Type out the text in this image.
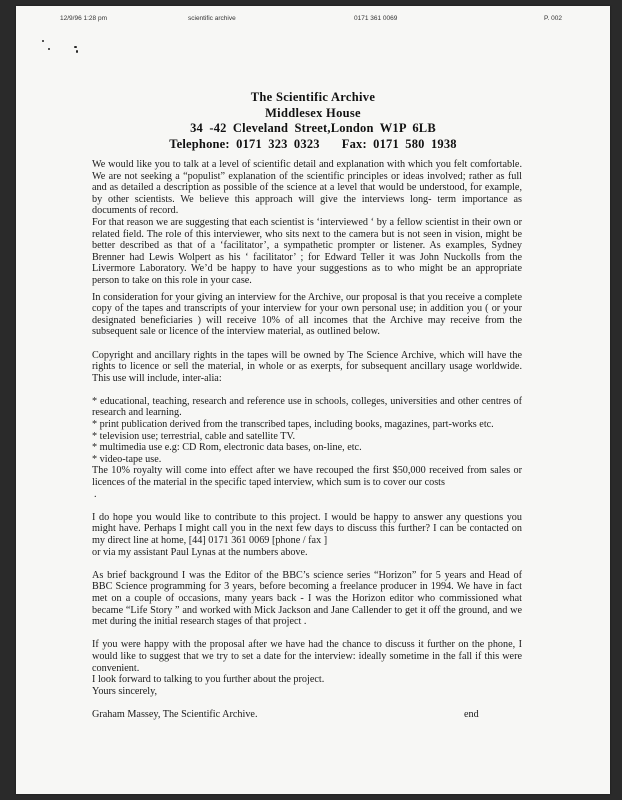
12/9/96 1:28 pm	scientific archive	0171 361 0069	P. 002
The Scientific Archive
Middlesex House
34 -42 Cleveland Street,London W1P 6LB
Telephone: 0171 323 0323 Fax: 0171 580 1938

We would like you to talk at a level of scientific detail and explanation with which you felt comfortable. We are not seeking a “populist” explanation of the scientific principles or ideas involved; rather as full and as detailed a description as possible of the science at a level that would be understood, for example, by other scientists. We believe this approach will give the interviews long- term importance as documents of record.

For that reason we are suggesting that each scientist is ‘interviewed ‘ by a fellow scientist in their own or related field. The role of this interviewer, who sits next to the camera but is not seen in vision, might be better described as that of a ‘facilitator’, a sympathetic prompter or listener. As examples, Sydney Brenner had Lewis Wolpert as his ‘ facilitator’ ; for Edward Teller it was John Nuckolls from the Livermore Laboratory. We’d be happy to have your suggestions as to who might be an appropriate person to take on this role in your case.

In consideration for your giving an interview for the Archive, our proposal is that you receive a complete copy of the tapes and transcripts of your interview for your own personal use; in addition you ( or your designated beneficiaries ) will receive 10% of all incomes that the Archive may receive from the subsequent sale or licence of the interview material, as outlined below.

Copyright and ancillary rights in the tapes will be owned by The Science Archive, which will have the rights to licence or sell the material, in whole or as exerpts, for subsequent ancillary usage worldwide. This use will include, inter-alia:

* educational, teaching, research and reference use in schools, colleges, universities and other centres of research and learning.

* print publication derived from the transcribed tapes, including books, magazines, part-works etc.

* television use; terrestrial, cable and satellite TV.

* multimedia use e.g: CD Rom, electronic data bases, on-line, etc.

* video-tape use.

The 10% royalty will come into effect after we have recouped the first $50,000 received from sales or licences of the material in the specific taped interview, which sum is to cover our costs

.

I do hope you would like to contribute to this project. I would be happy to answer any questions you might have. Perhaps I might call you in the next few days to discuss this further? I can be contacted on my direct line at home, [44] 0171 361 0069 [phone / fax ]

or via my assistant Paul Lynas at the numbers above.

As brief background I was the Editor of the BBC’s science series “Horizon” for 5 years and Head of BBC Science programming for 3 years, before becoming a freelance producer in 1994. We have in fact met on a couple of occasions, many years back - I was the Horizon editor who commissioned what became “Life Story ” and worked with Mick Jackson and Jane Callender to get it off the ground, and we met during the initial research stages of that project .

If you were happy with the proposal after we have had the chance to discuss it further on the phone, I would like to suggest that we try to set a date for the interview: ideally sometime in the fall if this were convenient.

I look forward to talking to you further about the project.

Yours sincerely,

Graham Massey, The Scientific Archive.	end
